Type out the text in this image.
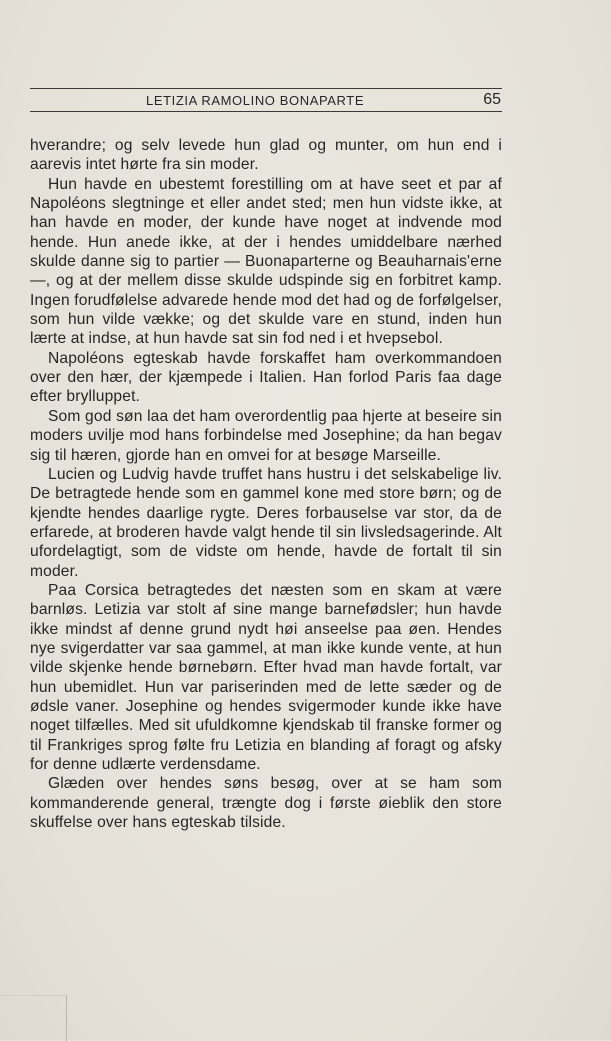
LETIZIA RAMOLINO BONAPARTE	65

hverandre; og selv levede hun glad og munter, om hun end i aarevis intet hørte fra sin moder.

Hun havde en ubestemt forestilling om at have seet et par af Napoléons slegtninge et eller andet sted; men hun vidste ikke, at han havde en moder, der kunde have noget at indvende mod hende. Hun anede ikke, at der i hendes umiddelbare nærhed skulde danne sig to partier — Buonaparterne og Beauharnais'erne —, og at der mellem disse skulde udspinde sig en forbitret kamp. Ingen forudfølelse advarede hende mod det had og de forfølgelser, som hun vilde vække; og det skulde vare en stund, inden hun lærte at indse, at hun havde sat sin fod ned i et hvepsebol.

Napoléons egteskab havde forskaffet ham overkommandoen over den hær, der kjæmpede i Italien. Han forlod Paris faa dage efter brylluppet.

Som god søn laa det ham overordentlig paa hjerte at beseire sin moders uvilje mod hans forbindelse med Josephine; da han begav sig til hæren, gjorde han en omvei for at besøge Marseille.

Lucien og Ludvig havde truffet hans hustru i det selskabelige liv. De betragtede hende som en gammel kone med store børn; og de kjendte hendes daarlige rygte. Deres forbauselse var stor, da de erfarede, at broderen havde valgt hende til sin livsledsagerinde. Alt ufordelagtigt, som de vidste om hende, havde de fortalt til sin moder.

Paa Corsica betragtedes det næsten som en skam at være barnløs. Letizia var stolt af sine mange barnefødsler; hun havde ikke mindst af denne grund nydt høi anseelse paa øen. Hendes nye svigerdatter var saa gammel, at man ikke kunde vente, at hun vilde skjenke hende børnebørn. Efter hvad man havde fortalt, var hun ubemidlet. Hun var pariserinden med de lette sæder og de ødsle vaner. Josephine og hendes svigermoder kunde ikke have noget tilfælles. Med sit ufuldkomne kjendskab til franske former og til Frankriges sprog følte fru Letizia en blanding af foragt og afsky for denne udlærte verdensdame.

Glæden over hendes søns besøg, over at se ham som kommanderende general, trængte dog i første øieblik den store skuffelse over hans egteskab tilside.
